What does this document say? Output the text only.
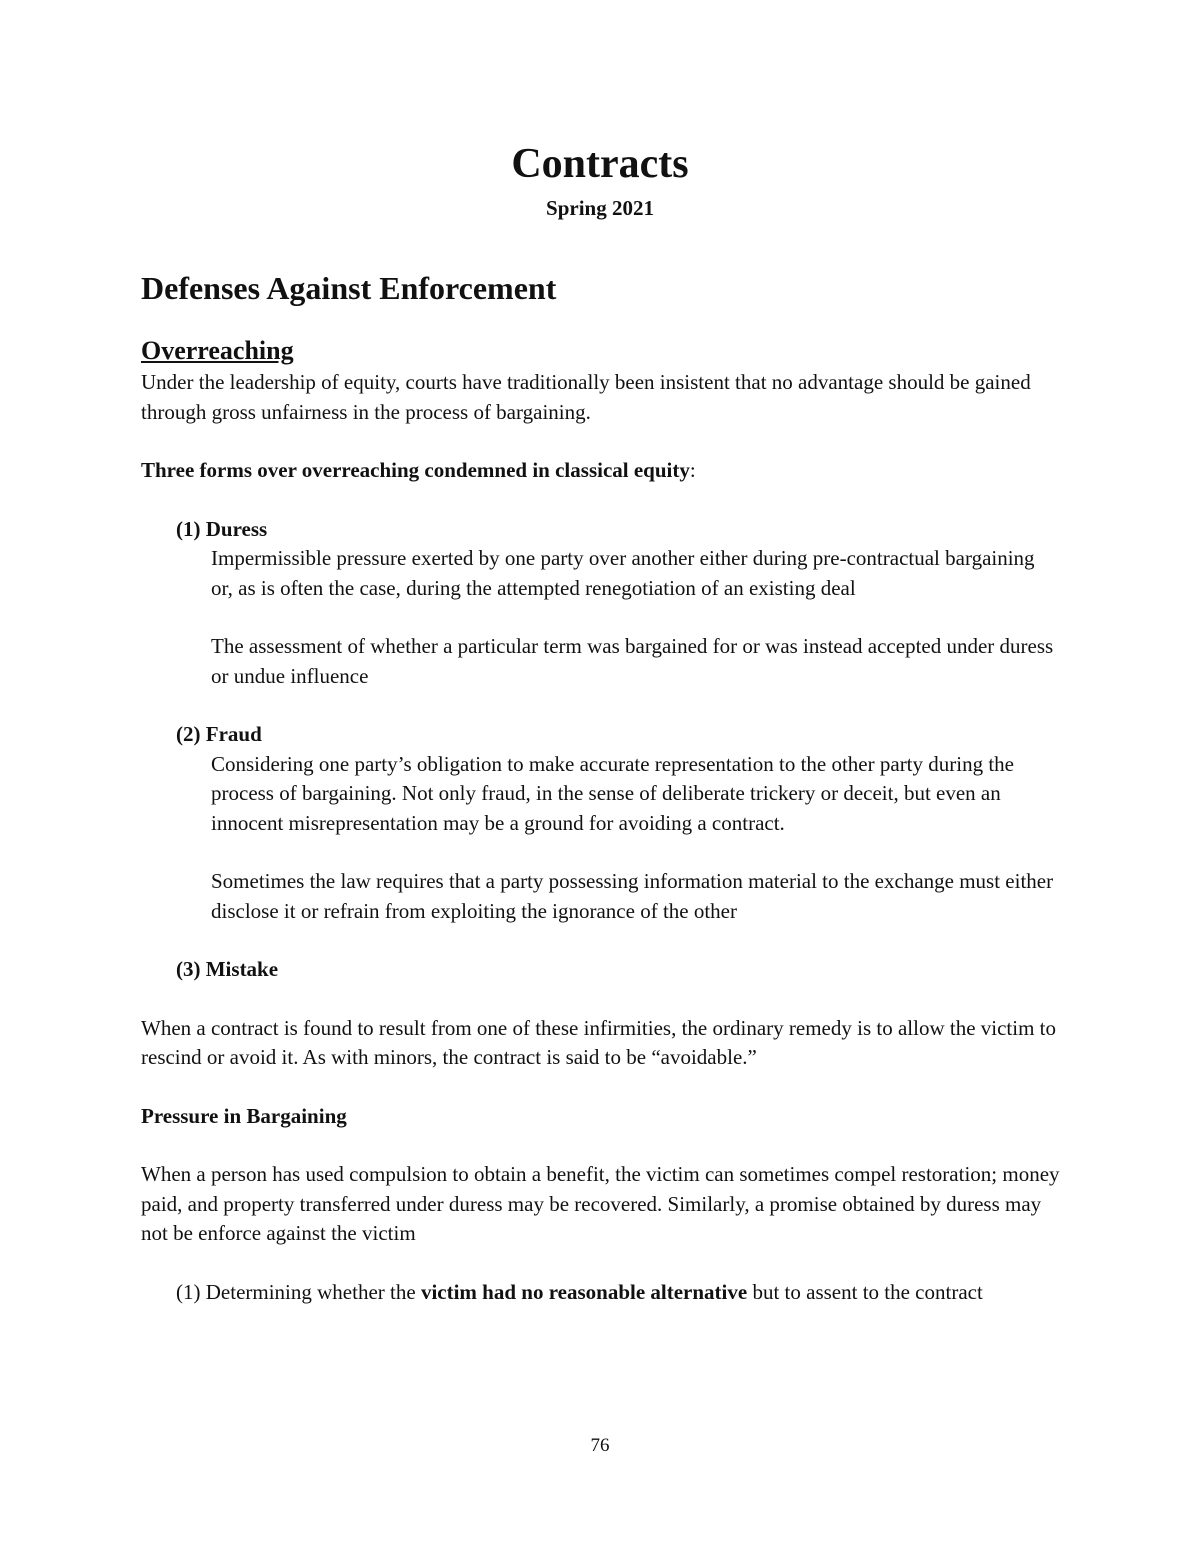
Contracts
Spring 2021
Defenses Against Enforcement
Overreaching

Under the leadership of equity, courts have traditionally been insistent that no advantage should be gained through gross unfairness in the process of bargaining.

Three forms over overreaching condemned in classical equity:

(1) Duress

Impermissible pressure exerted by one party over another either during pre-contractual bargaining or, as is often the case, during the attempted renegotiation of an existing deal

The assessment of whether a particular term was bargained for or was instead accepted under duress or undue influence

(2) Fraud

Considering one party’s obligation to make accurate representation to the other party during the process of bargaining. Not only fraud, in the sense of deliberate trickery or deceit, but even an innocent misrepresentation may be a ground for avoiding a contract.

Sometimes the law requires that a party possessing information material to the exchange must either disclose it or refrain from exploiting the ignorance of the other

(3) Mistake

When a contract is found to result from one of these infirmities, the ordinary remedy is to allow the victim to rescind or avoid it. As with minors, the contract is said to be “avoidable.”

Pressure in Bargaining

When a person has used compulsion to obtain a benefit, the victim can sometimes compel restoration; money paid, and property transferred under duress may be recovered. Similarly, a promise obtained by duress may not be enforce against the victim

(1) Determining whether the victim had no reasonable alternative but to assent to the contract

76
